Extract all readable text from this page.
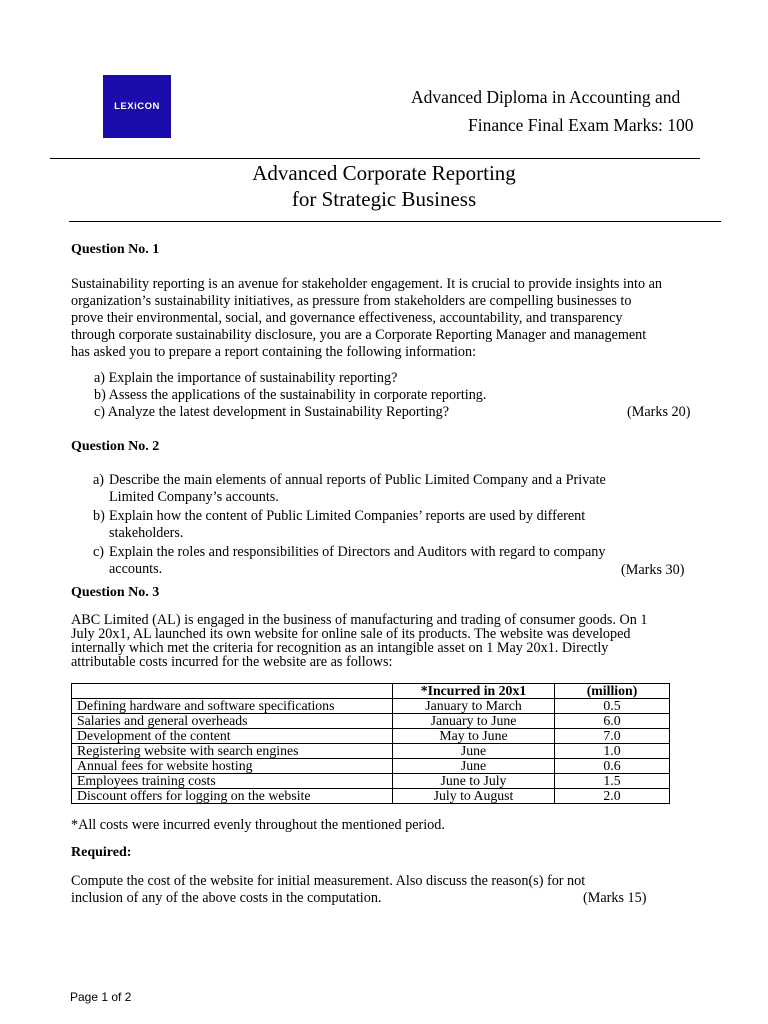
LEXiCON	Advanced Diploma in Accounting and
Finance Final Exam Marks: 100
Advanced Corporate Reporting
for Strategic Business
Question No. 1
Sustainability reporting is an avenue for stakeholder engagement. It is crucial to provide insights into an
organization’s sustainability initiatives, as pressure from stakeholders are compelling businesses to
prove their environmental, social, and governance effectiveness, accountability, and transparency
through corporate sustainability disclosure, you are a Corporate Reporting Manager and management
has asked you to prepare a report containing the following information:
a) Explain the importance of sustainability reporting?
b) Assess the applications of the sustainability in corporate reporting.
c) Analyze the latest development in Sustainability Reporting?	(Marks 20)
Question No. 2
a) Describe the main elements of annual reports of Public Limited Company and a Private
Limited Company’s accounts.
b) Explain how the content of Public Limited Companies’ reports are used by different
stakeholders.
c) Explain the roles and responsibilities of Directors and Auditors with regard to company
accounts.	(Marks 30)
Question No. 3
ABC Limited (AL) is engaged in the business of manufacturing and trading of consumer goods. On 1
July 20x1, AL launched its own website for online sale of its products. The website was developed
internally which met the criteria for recognition as an intangible asset on 1 May 20x1. Directly
attributable costs incurred for the website are as follows:
	*Incurred in 20x1	(million)
Defining hardware and software specifications	January to March	0.5
Salaries and general overheads	January to June	6.0
Development of the content	May to June	7.0
Registering website with search engines	June	1.0
Annual fees for website hosting	June	0.6
Employees training costs	June to July	1.5
Discount offers for logging on the website	July to August	2.0
*All costs were incurred evenly throughout the mentioned period.
Required:
Compute the cost of the website for initial measurement. Also discuss the reason(s) for not
inclusion of any of the above costs in the computation.	(Marks 15)
Page 1 of 2
